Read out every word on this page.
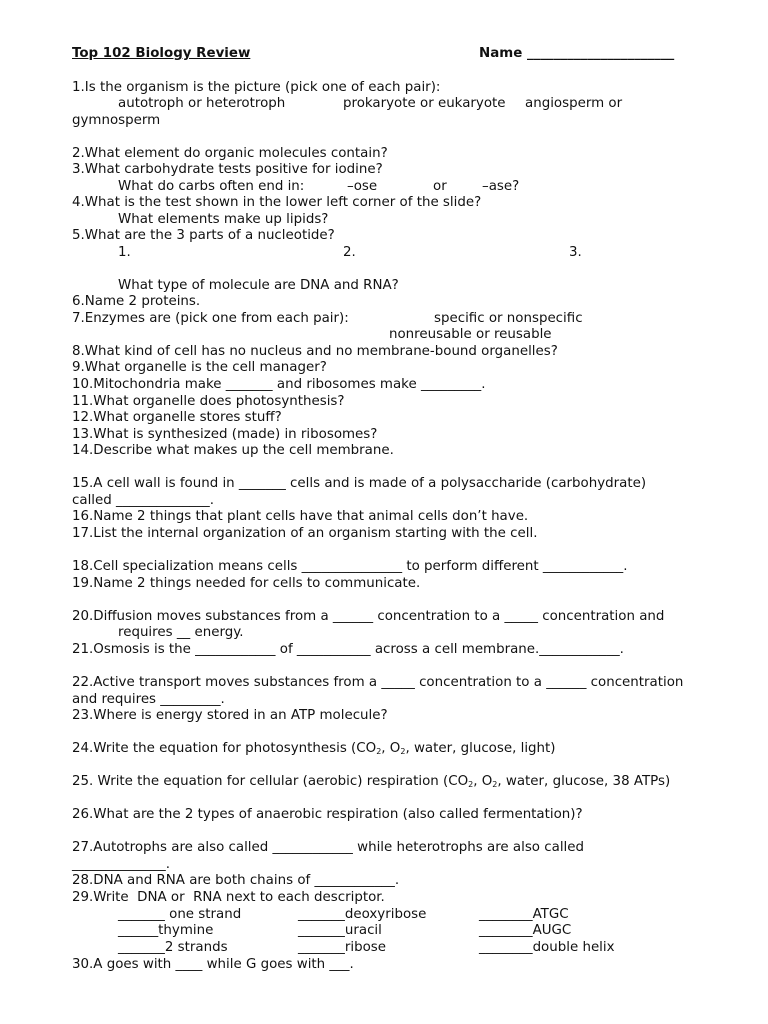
Top 102 Biology Review	Name ______________________
1.Is the organism is the picture (pick one of each pair):
autotroph or heterotroph	prokaryote or eukaryote angiosperm or
gymnosperm
2.What element do organic molecules contain?
3.What carbohydrate tests positive for iodine?
What do carbs often end in:	–ose	or	–ase?
4.What is the test shown in the lower left corner of the slide?
What elements make up lipids?
5.What are the 3 parts of a nucleotide?
1.	2.	3.
What type of molecule are DNA and RNA?
6.Name 2 proteins.
7.Enzymes are (pick one from each pair):	specific or nonspecific
nonreusable or reusable
8.What kind of cell has no nucleus and no membrane-bound organelles?
9.What organelle is the cell manager?
10.Mitochondria make _______ and ribosomes make _________.
11.What organelle does photosynthesis?
12.What organelle stores stuff?
13.What is synthesized (made) in ribosomes?
14.Describe what makes up the cell membrane.
15.A cell wall is found in _______ cells and is made of a polysaccharide (carbohydrate)
called ______________.
16.Name 2 things that plant cells have that animal cells don’t have.
17.List the internal organization of an organism starting with the cell.
18.Cell specialization means cells _______________ to perform different ____________.
19.Name 2 things needed for cells to communicate.
20.Diffusion moves substances from a ______ concentration to a _____ concentration and
requires __ energy.
21.Osmosis is the ____________ of ___________ across a cell membrane.____________.
22.Active transport moves substances from a _____ concentration to a ______ concentration
and requires _________.
23.Where is energy stored in an ATP molecule?
24.Write the equation for photosynthesis ($CO_2$, $O_2$, water, glucose, light)
25. Write the equation for cellular (aerobic) respiration ($CO_2$, $O_2$, water, glucose, 38 ATPs)
26.What are the 2 types of anaerobic respiration (also called fermentation)?
27.Autotrophs are also called ____________ while heterotrophs are also called
______________.
28.DNA and RNA are both chains of ____________.
29.Write  DNA or  RNA next to each descriptor.
_______ one strand	_______deoxyribose	________ATGC
______thymine	_______uracil	________AUGC
_______2 strands	_______ribose	________double helix
30.A goes with ____ while G goes with ___.
